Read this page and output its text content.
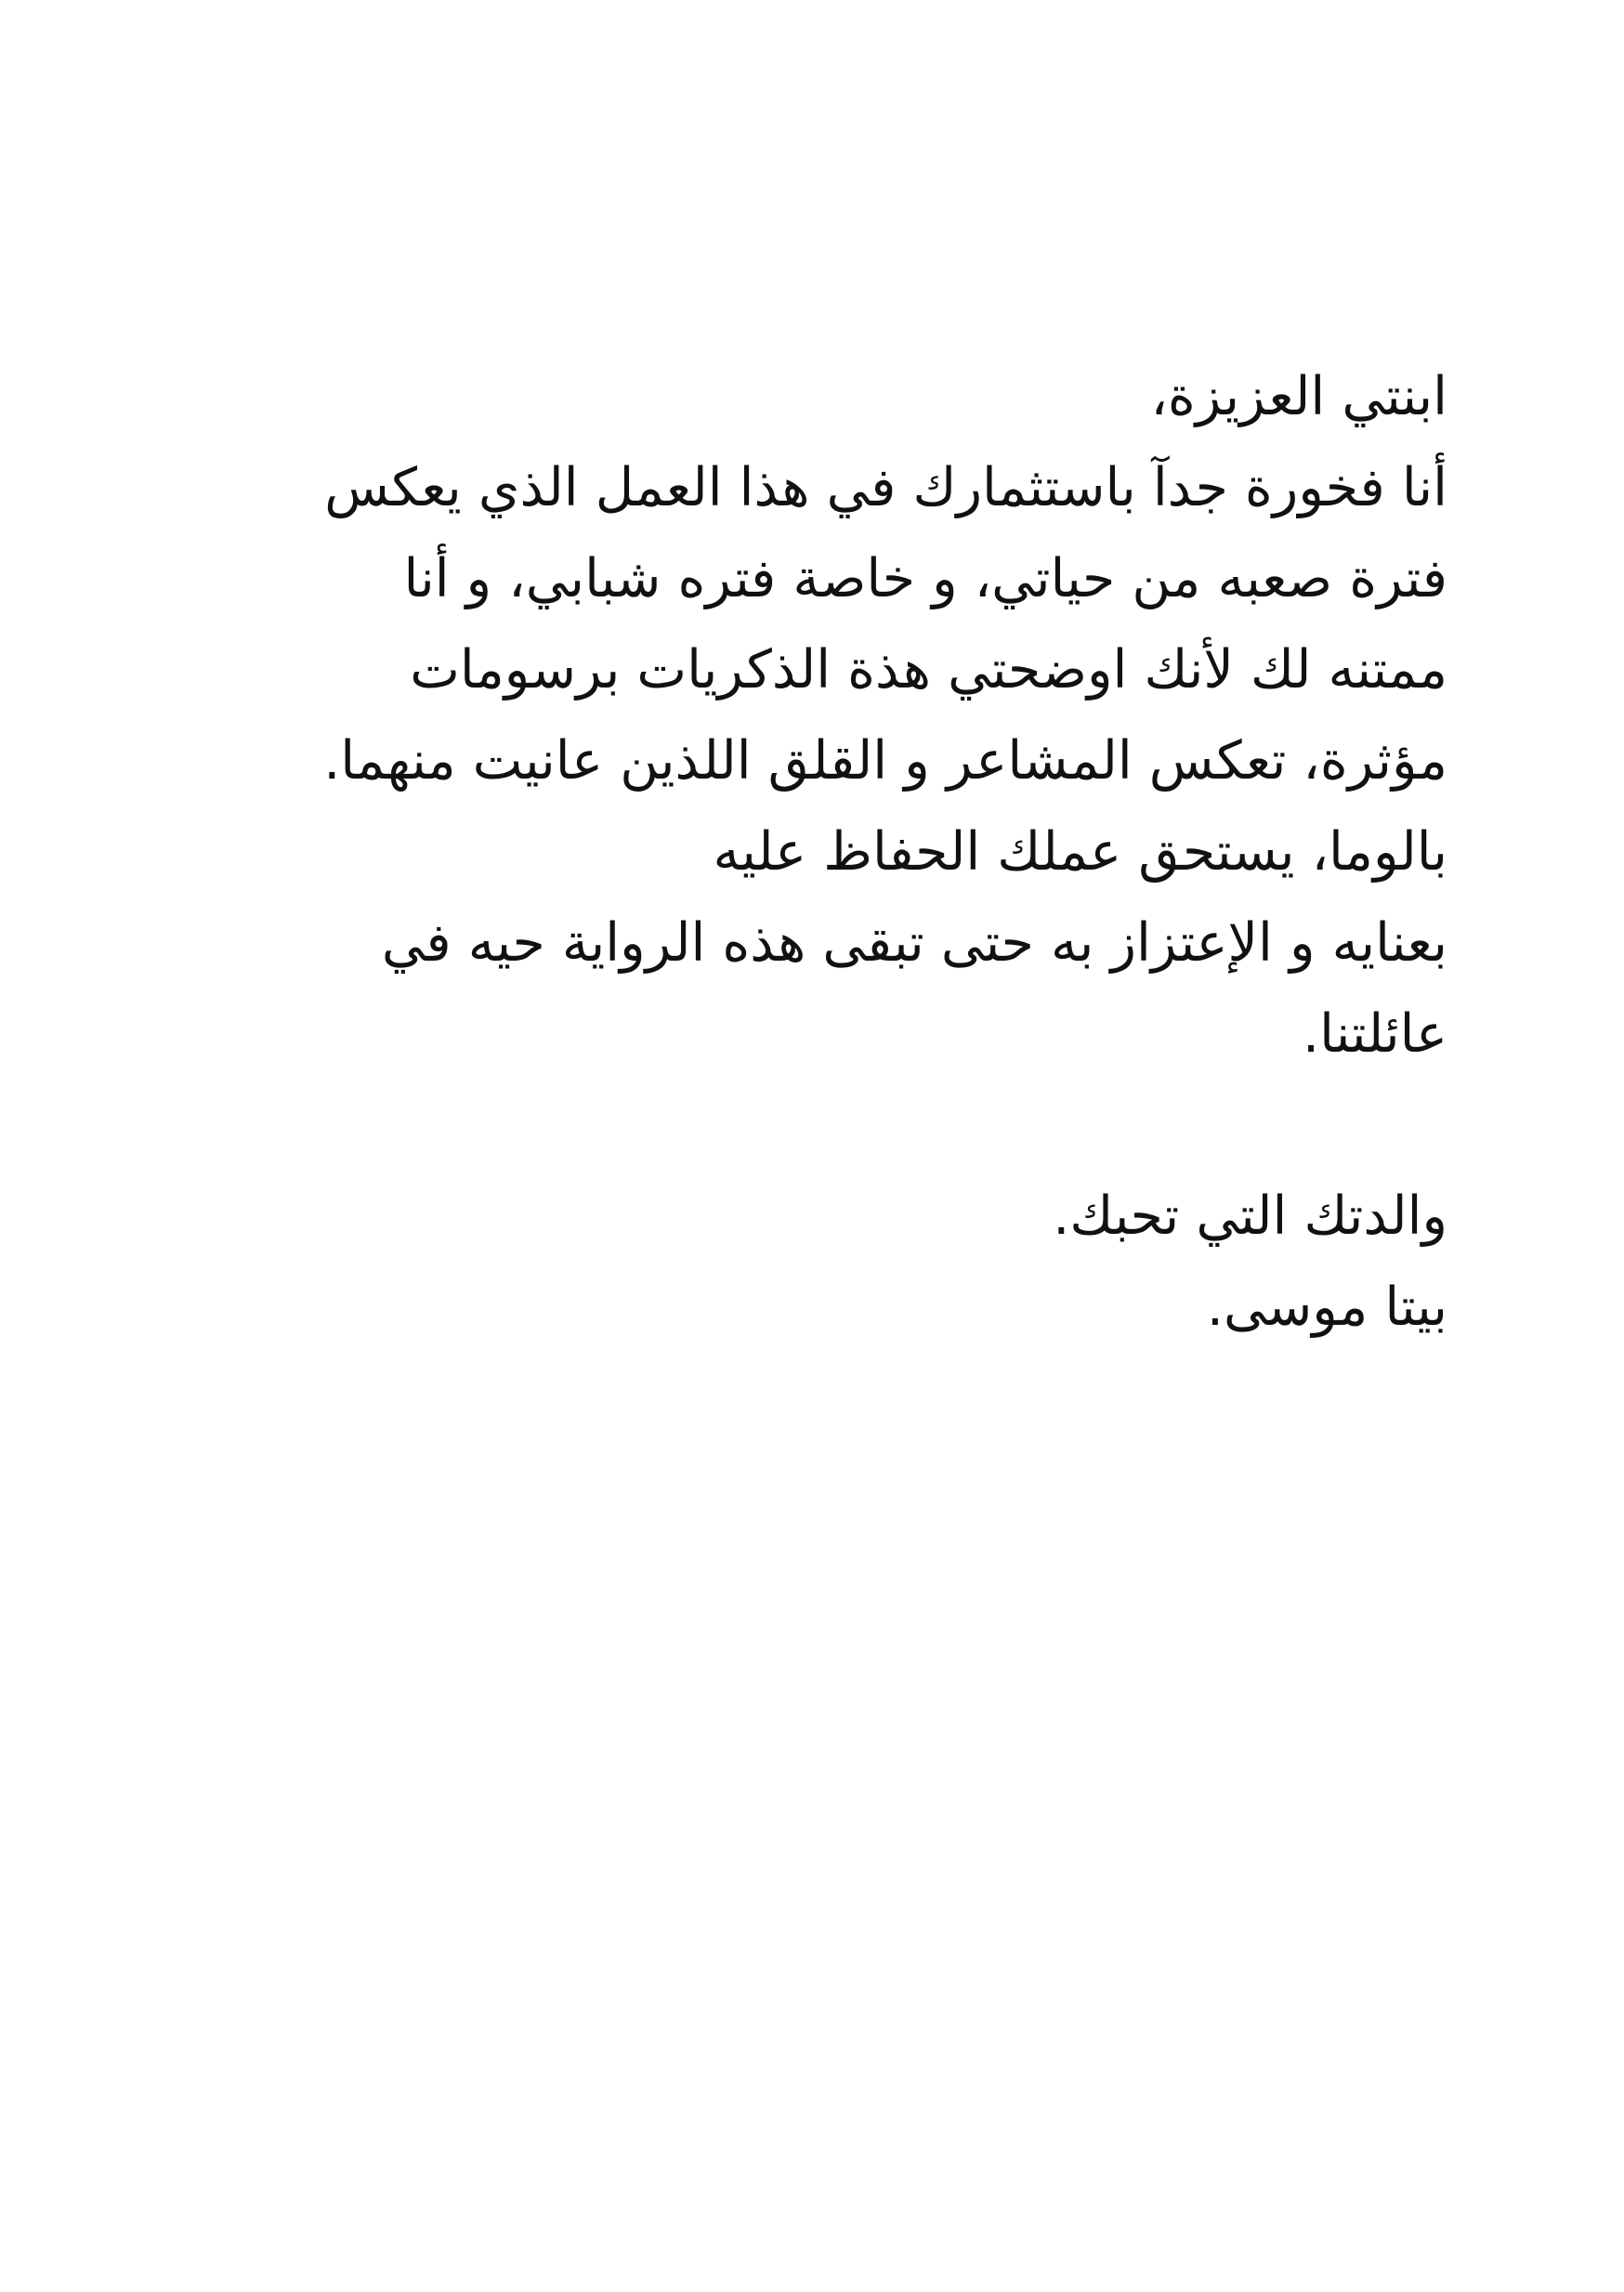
ابنتي العزيزة،
أنا فخورة جدآ باستثمارك في هذا العمل الذي يعكس
فترة صعبه من حياتي، و خاصة فتره شبابي، و أنا
ممتنه لك لأنك اوضحتي هذة الذكريات برسومات
مؤثرة، تعكس المشاعر و القلق اللذين عانيت منهما.
بالوما، يستحق عملك الحفاظ عليه
بعنايه و الإعتزاز به حتى تبقى هذه الرواية حيه في
عائلتنا.
والدتك التي تحبك.
بيتا موسى.
